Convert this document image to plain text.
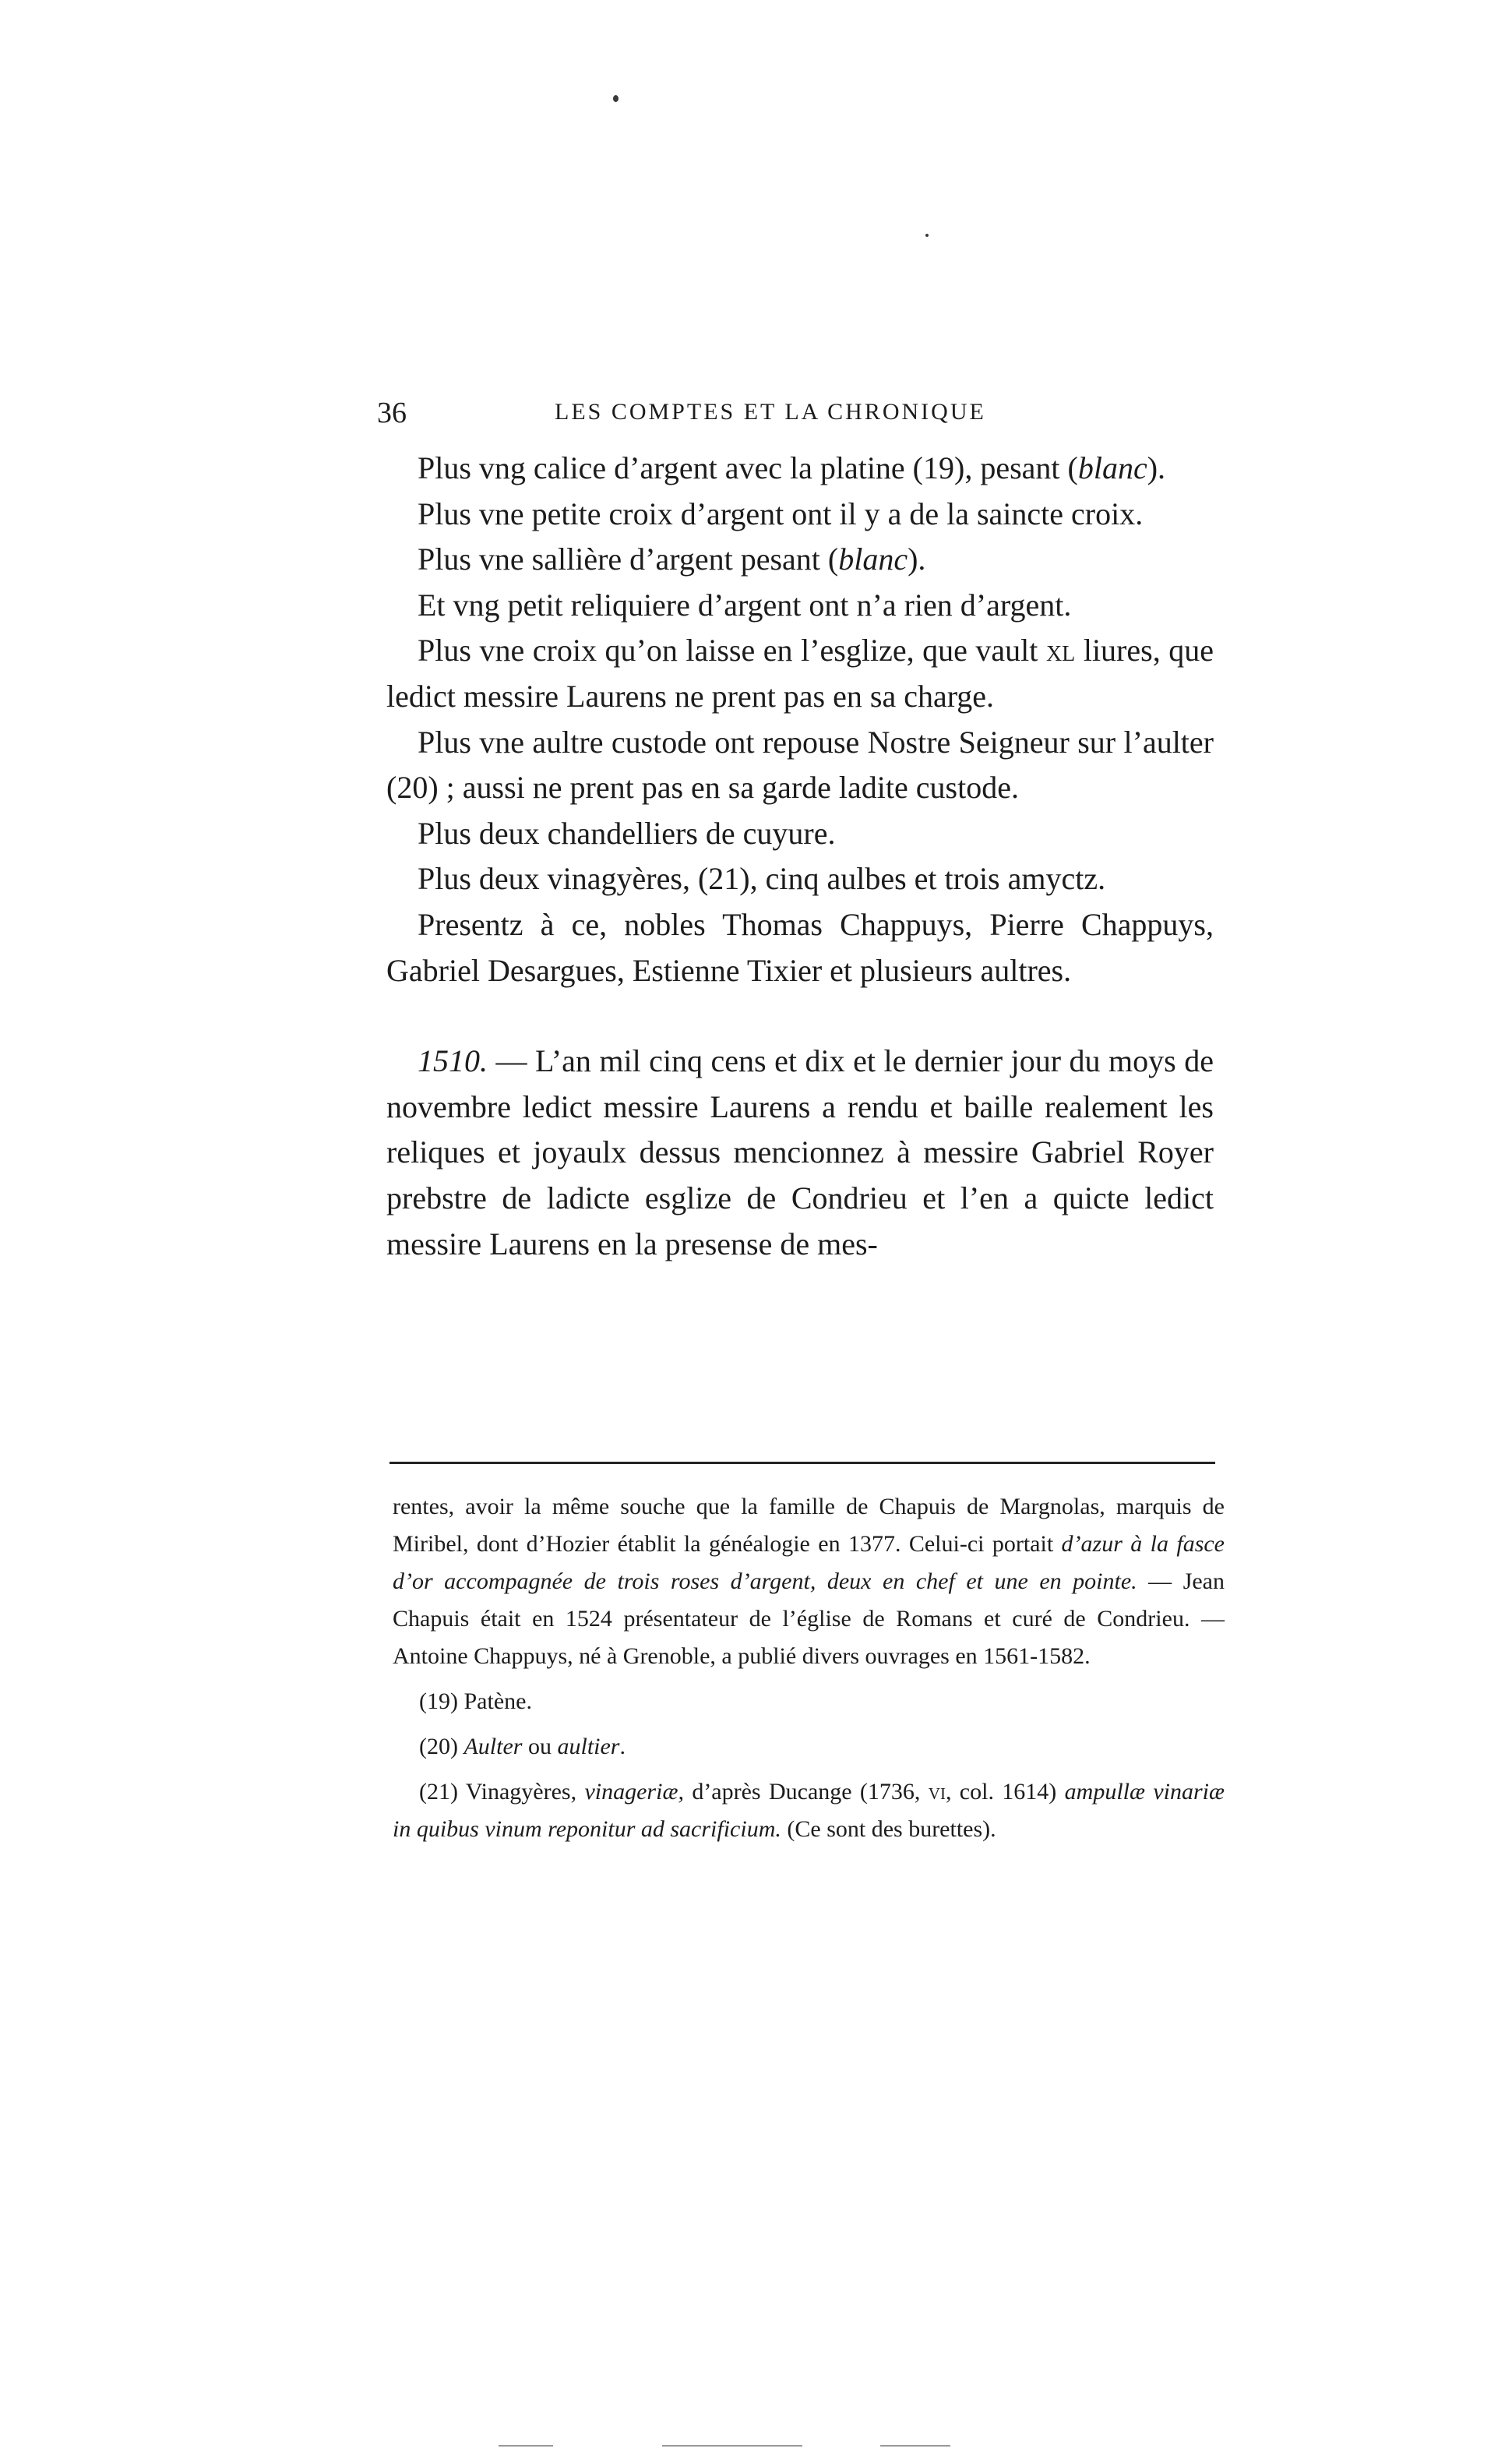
36	LES COMPTES ET LA CHRONIQUE

Plus vng calice d’argent avec la platine (19), pesant (blanc).

Plus vne petite croix d’argent ont il y a de la saincte croix.

Plus vne sallière d’argent pesant (blanc).

Et vng petit reliquiere d’argent ont n’a rien d’argent.

Plus vne croix qu’on laisse en l’esglize, que vault xl liures, que ledict messire Laurens ne prent pas en sa charge.

Plus vne aultre custode ont repouse Nostre Seigneur sur l’aulter (20) ; aussi ne prent pas en sa garde ladite custode.

Plus deux chandelliers de cuyure.

Plus deux vinagyères, (21), cinq aulbes et trois amyctz.

Presentz à ce, nobles Thomas Chappuys, Pierre Chappuys, Gabriel Desargues, Estienne Tixier et plusieurs aultres.

1510. — L’an mil cinq cens et dix et le dernier jour du moys de novembre ledict messire Laurens a rendu et baille realement les reliques et joyaulx dessus mencionnez à messire Gabriel Royer prebstre de ladicte esglize de Condrieu et l’en a quicte ledict messire Laurens en la presense de mes-

rentes, avoir la même souche que la famille de Chapuis de Margnolas, marquis de Miribel, dont d’Hozier établit la généalogie en 1377. Celui-ci portait d’azur à la fasce d’or accompagnée de trois roses d’argent, deux en chef et une en pointe. — Jean Chapuis était en 1524 présentateur de l’église de Romans et curé de Condrieu. — Antoine Chappuys, né à Grenoble, a publié divers ouvrages en 1561-1582.

(19) Patène.

(20) Aulter ou aultier.

(21) Vinagyères, vinageriæ, d’après Ducange (1736, vi, col. 1614) ampullæ vinariæ in quibus vinum reponitur ad sacrificium. (Ce sont des burettes).
